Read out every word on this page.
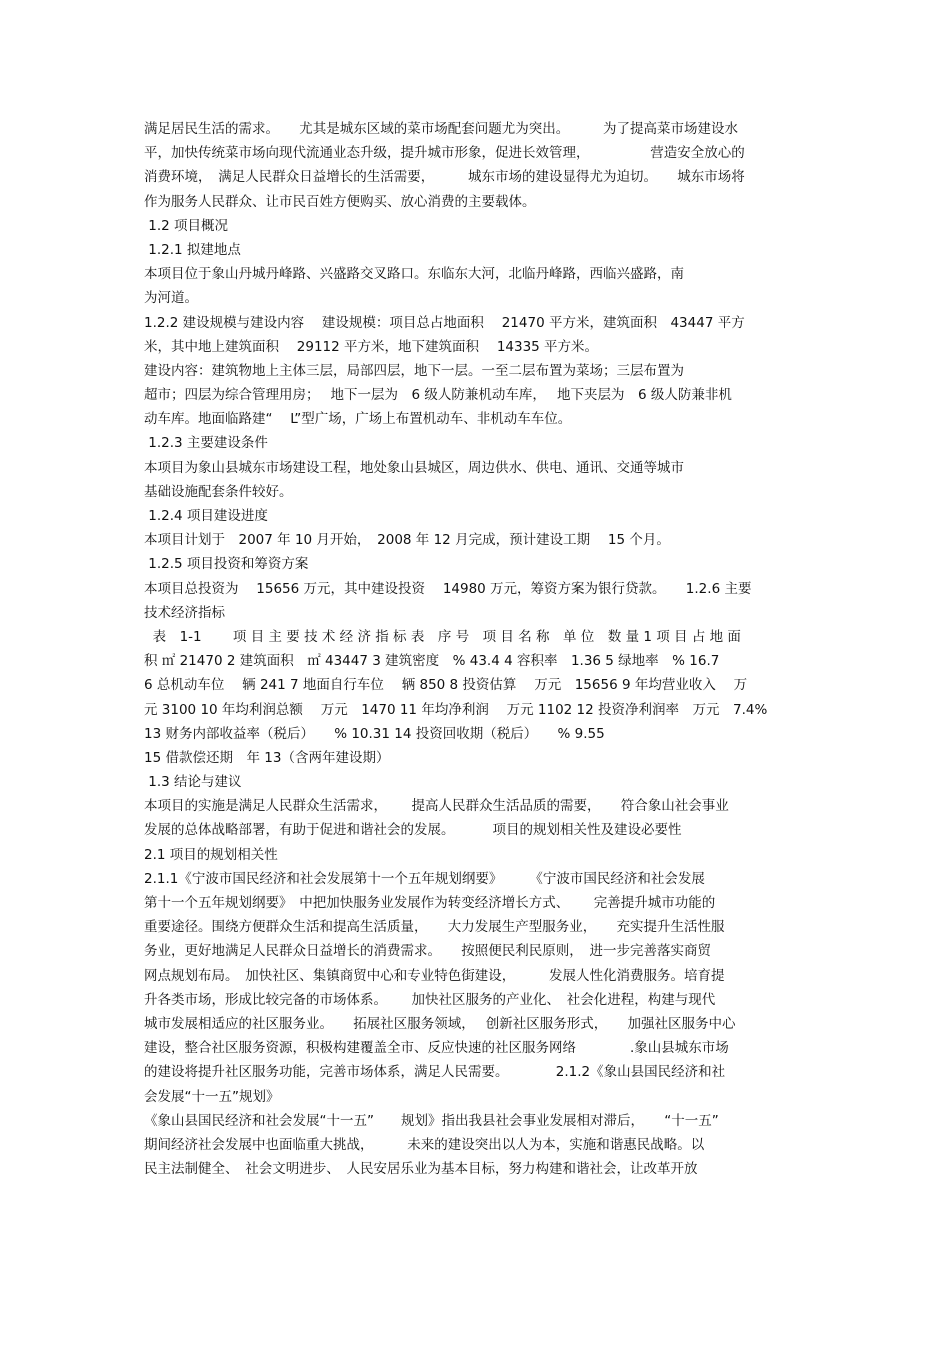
满足居民生活的需求。　　尤其是城东区域的菜市场配套问题尤为突出。　　　为了提高菜市场建设水
平，加快传统菜市场向现代流通业态升级，提升城市形象，促进长效管理，　　　　　营造安全放心的
消费环境，　满足人民群众日益增长的生活需要，　　　城东市场的建设显得尤为迫切。　　城东市场将
作为服务人民群众、让市民百姓方便购买、放心消费的主要载体。
1.2 项目概况
1.2.1 拟建地点
本项目位于象山丹城丹峰路、兴盛路交叉路口。东临东大河，北临丹峰路，西临兴盛路，南
为河道。
1.2.2 建设规模与建设内容　 建设规模：项目总占地面积　 21470 平方米，建筑面积　43447 平方
米，其中地上建筑面积　 29112 平方米，地下建筑面积　 14335 平方米。
建设内容：建筑物地上主体三层，局部四层，地下一层。一至二层布置为菜场；三层布置为
超市；四层为综合管理用房；　 地下一层为　6 级人防兼机动车库，　 地下夹层为　6 级人防兼非机
动车库。地面临路建“　 L”型广场，广场上布置机动车、非机动车车位。
1.2.3 主要建设条件
本项目为象山县城东市场建设工程，地处象山县城区，周边供水、供电、通讯、交通等城市
基础设施配套条件较好。
1.2.4 项目建设进度
本项目计划于　2007 年 10 月开始，　2008 年 12 月完成，预计建设工期　 15 个月。
1.2.5 项目投资和筹资方案
本项目总投资为　 15656 万元，其中建设投资　 14980 万元，筹资方案为银行贷款。　　1.2.6 主要
技术经济指标
表　1-1　　 项 目 主 要 技 术 经 济 指 标 表　序 号　项 目 名 称　单 位　数 量 1 项 目 占 地 面
积 ㎡ 21470 2 建筑面积　㎡ 43447 3 建筑密度　% 43.4 4 容积率　1.36 5 绿地率　% 16.7
6 总机动车位　 辆 241 7 地面自行车位　 辆 850 8 投资估算　 万元　15656 9 年均营业收入　 万
元 3100 10 年均利润总额　 万元　1470 11 年均净利润　 万元 1102 12 投资净利润率　万元　7.4%
13 财务内部收益率（税后）　　% 10.31 14 投资回收期（税后）　　% 9.55
15 借款偿还期　年 13（含两年建设期）
1.3 结论与建议
本项目的实施是满足人民群众生活需求，　　 提高人民群众生活品质的需要，　　符合象山社会事业
发展的总体战略部署，有助于促进和谐社会的发展。　　　 项目的规划相关性及建设必要性
2.1 项目的规划相关性
2.1.1《宁波市国民经济和社会发展第十一个五年规划纲要》　　　《宁波市国民经济和社会发展
第十一个五年规划纲要》　中把加快服务业发展作为转变经济增长方式、　　 完善提升城市功能的
重要途径。围绕方便群众生活和提高生活质量，　　大力发展生产型服务业，　　充实提升生活性服
务业，更好地满足人民群众日益增长的消费需求。　　按照便民利民原则，　进一步完善落实商贸
网点规划布局。　加快社区、集镇商贸中心和专业特色街建设，　　　发展人性化消费服务。培育提
升各类市场，形成比较完备的市场体系。　　 加快社区服务的产业化、　社会化进程，构建与现代
城市发展相适应的社区服务业。　　拓展社区服务领域，　 创新社区服务形式，　　加强社区服务中心
建设，整合社区服务资源，积极构建覆盖全市、反应快速的社区服务网络　　　　.象山县城东市场
的建设将提升社区服务功能，完善市场体系，满足人民需要。　　　　2.1.2《象山县国民经济和社
会发展“十一五”规划》
《象山县国民经济和社会发展“十一五”　　规划》指出我县社会事业发展相对滞后，　　“十一五”
期间经济社会发展中也面临重大挑战，　　　未来的建设突出以人为本，实施和谐惠民战略。以
民主法制健全、　社会文明进步、　人民安居乐业为基本目标，努力构建和谐社会，让改革开放
